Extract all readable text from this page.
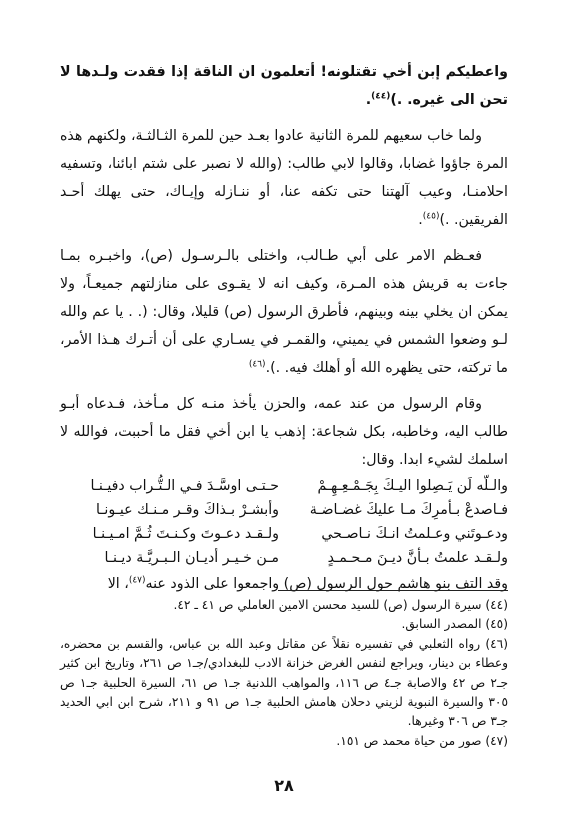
واعطيكم إبن أخي تقتلونه! أتعلمون ان الناقة إذا فقدت ولـدها لا تحن الى غيره. .)$^{(٤٤)}$.

ولما خاب سعيهم للمرة الثانية عادوا بعـد حين للمرة الثـالثـة، ولكنهم هذه المرة جاؤوا غضابا، وقالوا لابي طالب: (والله لا نصبر على شتم ابائنا، وتسفيه احلامنـا، وعيب آلهتنا حتى تكفه عنا، أو ننـازله وإيـاك، حتى يهلك أحـد الفريقين. .)$^{(٤٥)}$.

فعـظم الامر على أبي طـالب، واختلى بالـرسـول (ص)، واخبـره بمـا جاءت به قريش هذه المـرة، وكيف انه لا يقـوى على منازلتهم جميعـاً، ولا يمكن ان يخلي بينه وبينهم، فأطرق الرسول (ص) قليلا، وقال: (. . يا عم والله لـو وضعوا الشمس في يميني، والقمـر في يسـاري على أن أتـرك هـذا الأمر، ما تركته، حتى يظهره الله أو أهلك فيه. .).$^{(٤٦)}$

وقام الرسول من عند عمه، والحزن يأخذ منـه كل مـأخذ، فـدعاه أبـو طالب اليه، وخاطبه، بكل شجاعة: إذهب يا ابن أخي فقل ما أحببت، فوالله لا اسلمك لشيء ابدا. وقال:

والـلّه لَن يَـصِلوا اليـكَ بِجَـمْـعِـهِـمْ
حـتـى اوسَّـدَ فـي الـتُّـراب دفيـنـا
فـاصدعْ بـأمرِكَ مـا عليكَ غضـاضـة
وأبشـرْ بـذاكَ وقـر مـنـك عيـونـا
ودعـوتَني وعـلمتُ انـكَ نـاصـحي
ولـقـد دعـوتَ وكـنـتَ ثُـمَّ امـيـنـا
ولـقـد علمتُ بـأنَّ ديـنَ مـحـمـدٍ
مـن خـيـر أديـان الـبـريَّـة ديـنـا

وقد التف بنو هاشم حول الرسول (ص) واجمعوا على الذود عنه$^{(٤٧)}$، الا

(٤٤) سيرة الرسول (ص) للسيد محسن الامين العاملي ص ٤١ ـ ٤٢.

(٤٥) المصدر السابق.

(٤٦) رواه الثعلبي في تفسيره نقلاً عن مقاتل وعبد الله بن عباس، والقسم بن محضره، وعطاء بن دينار، ويراجع لنفس الغرض خزانة الادب للبغدادي/جـ١ ص ٢٦١، وتاريخ ابن كثير جـ٢ ص ٤٢ والاصابة جـ٤ ص ١١٦، والمواهب اللدنية جـ١ ص ٦١، السيرة الحلبية جـ١ ص ٣٠٥ والسيرة النبوية لزيني دحلان هامش الحلبية جـ١ ص ٩١ و ٢١١، شرح ابن ابي الحديد جـ٣ ص ٣٠٦ وغيرها.

(٤٧) صور من حياة محمد ص ١٥١.

٢٨
